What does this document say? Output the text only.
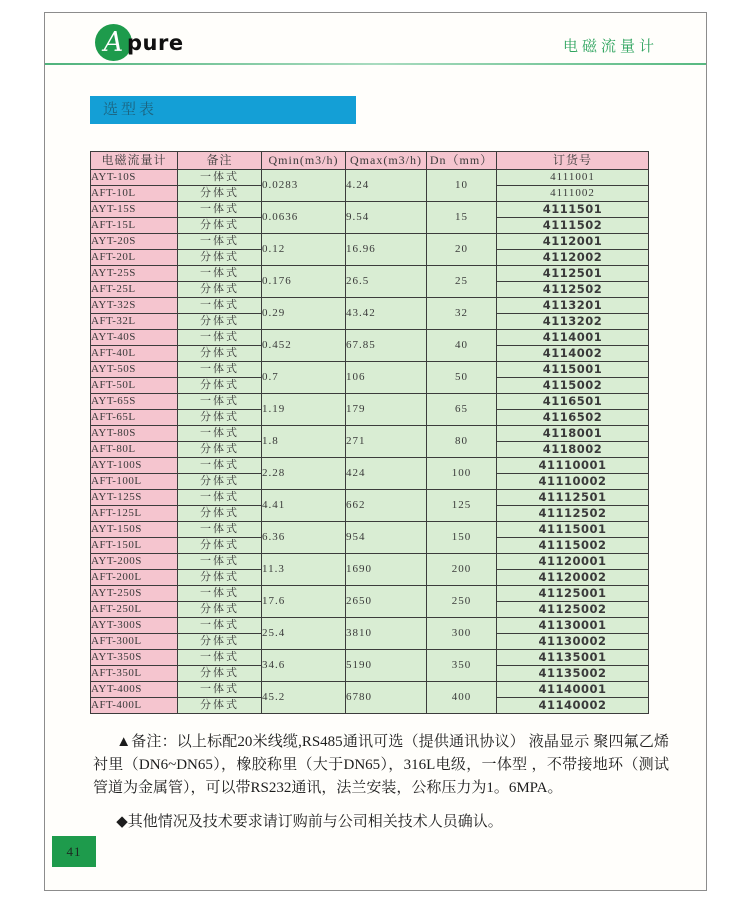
A pure	电磁流量计
选型表
电磁流量计	备注	Qmin(m3/h)	Qmax(m3/h)	Dn（mm）	订货号
AYT-10S	一体式	0.0283	4.24	10	4111001
AFT-10L	分体式				4111002
AYT-15S	一体式	0.0636	9.54	15	4111501
AFT-15L	分体式				4111502
AYT-20S	一体式	0.12	16.96	20	4112001
AFT-20L	分体式				4112002
AYT-25S	一体式	0.176	26.5	25	4112501
AFT-25L	分体式				4112502
AYT-32S	一体式	0.29	43.42	32	4113201
AFT-32L	分体式				4113202
AYT-40S	一体式	0.452	67.85	40	4114001
AFT-40L	分体式				4114002
AYT-50S	一体式	0.7	106	50	4115001
AFT-50L	分体式				4115002
AYT-65S	一体式	1.19	179	65	4116501
AFT-65L	分体式				4116502
AYT-80S	一体式	1.8	271	80	4118001
AFT-80L	分体式				4118002
AYT-100S	一体式	2.28	424	100	41110001
AFT-100L	分体式				41110002
AYT-125S	一体式	4.41	662	125	41112501
AFT-125L	分体式				41112502
AYT-150S	一体式	6.36	954	150	41115001
AFT-150L	分体式				41115002
AYT-200S	一体式	11.3	1690	200	41120001
AFT-200L	分体式				41120002
AYT-250S	一体式	17.6	2650	250	41125001
AFT-250L	分体式				41125002
AYT-300S	一体式	25.4	3810	300	41130001
AFT-300L	分体式				41130002
AYT-350S	一体式	34.6	5190	350	41135001
AFT-350L	分体式				41135002
AYT-400S	一体式	45.2	6780	400	41140001
AFT-400L	分体式				41140002

▲备注：以上标配20米线缆,RS485通讯可选（提供通讯协议） 液晶显示 聚四氟乙烯衬里（DN6~DN65），橡胶称里（大于DN65），316L电级，一体型 ，不带接地环（测试管道为金属管），可以带RS232通讯，法兰安装，公称压力为1。6MPA。

◆其他情况及技术要求请订购前与公司相关技术人员确认。

41
